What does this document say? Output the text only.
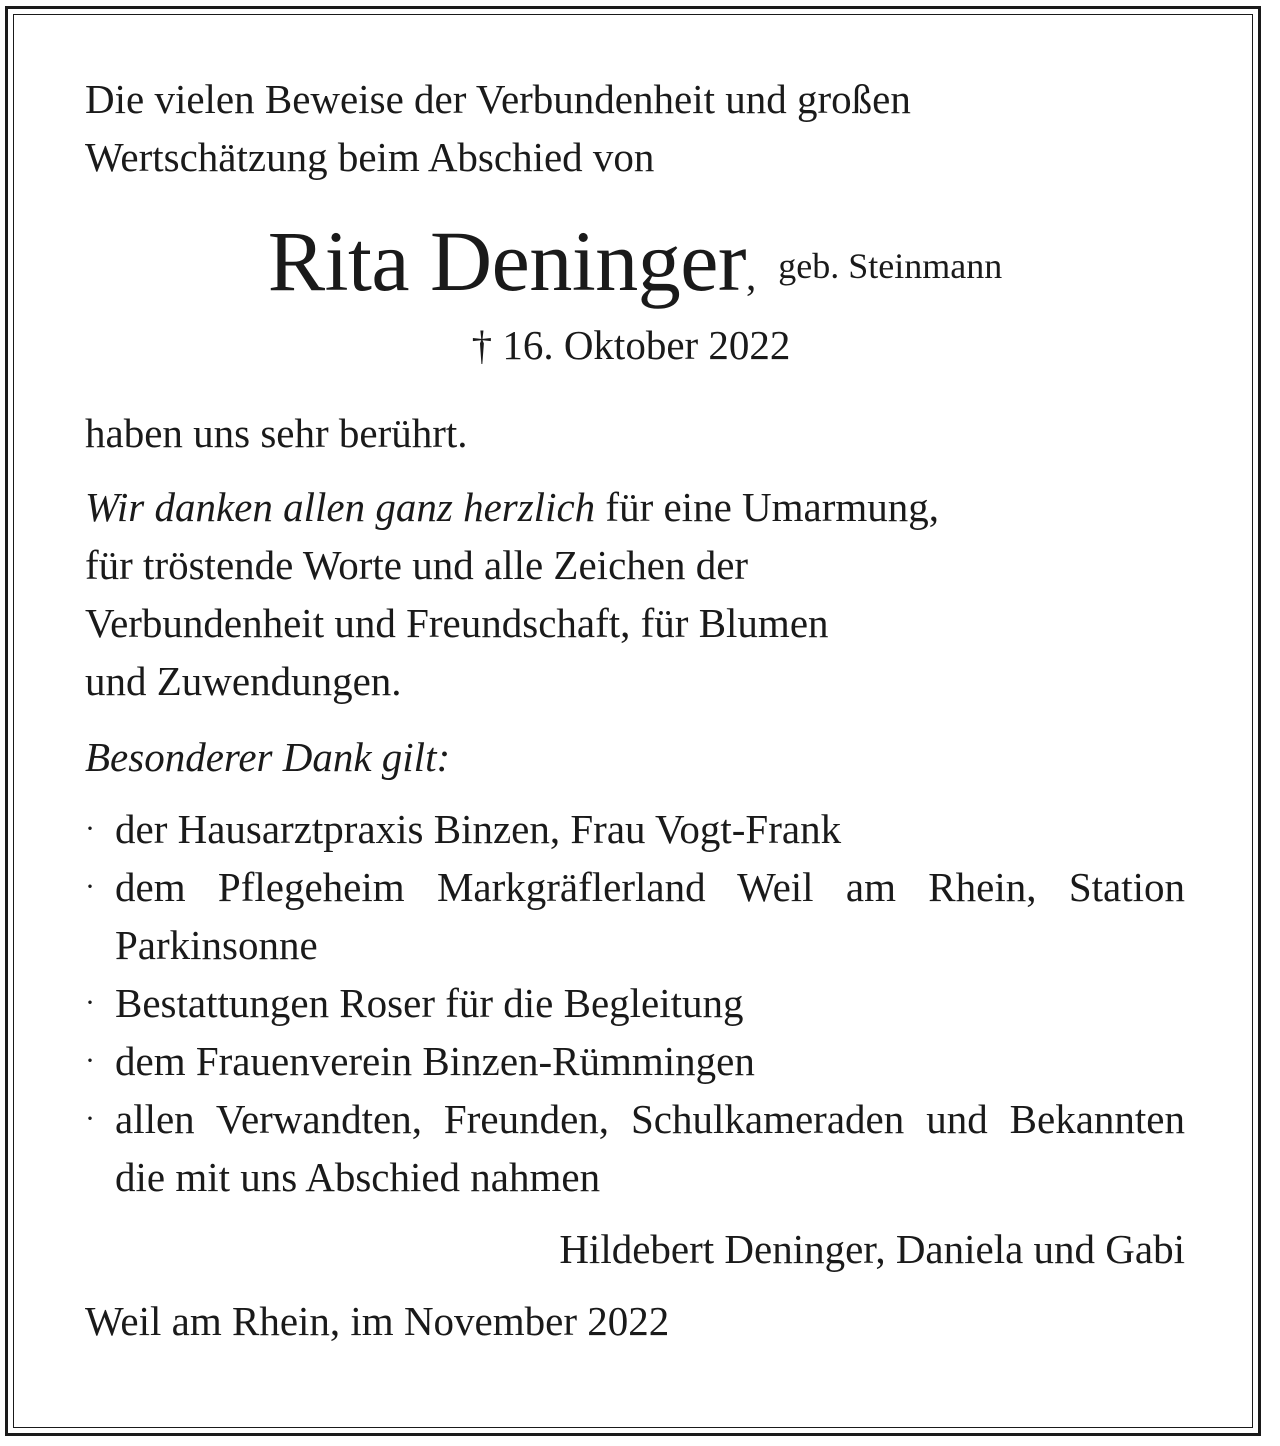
Die vielen Beweise der Verbundenheit und großen

Wertschätzung beim Abschied von

Rita Deninger, geb. Steinmann

† 16. Oktober 2022

haben uns sehr berührt.

Wir danken allen ganz herzlich für eine Umarmung,

für tröstende Worte und alle Zeichen der

Verbundenheit und Freundschaft, für Blumen

und Zuwendungen.

Besonderer Dank gilt:

· der Hausarztpraxis Binzen, Frau Vogt-Frank
· dem Pflegeheim Markgräflerland Weil am Rhein, Station Parkinsonne
· Bestattungen Roser für die Begleitung
· dem Frauenverein Binzen-Rümmingen
· allen Verwandten, Freunden, Schulkameraden und Bekannten die mit uns Abschied nahmen

Hildebert Deninger, Daniela und Gabi

Weil am Rhein, im November 2022
